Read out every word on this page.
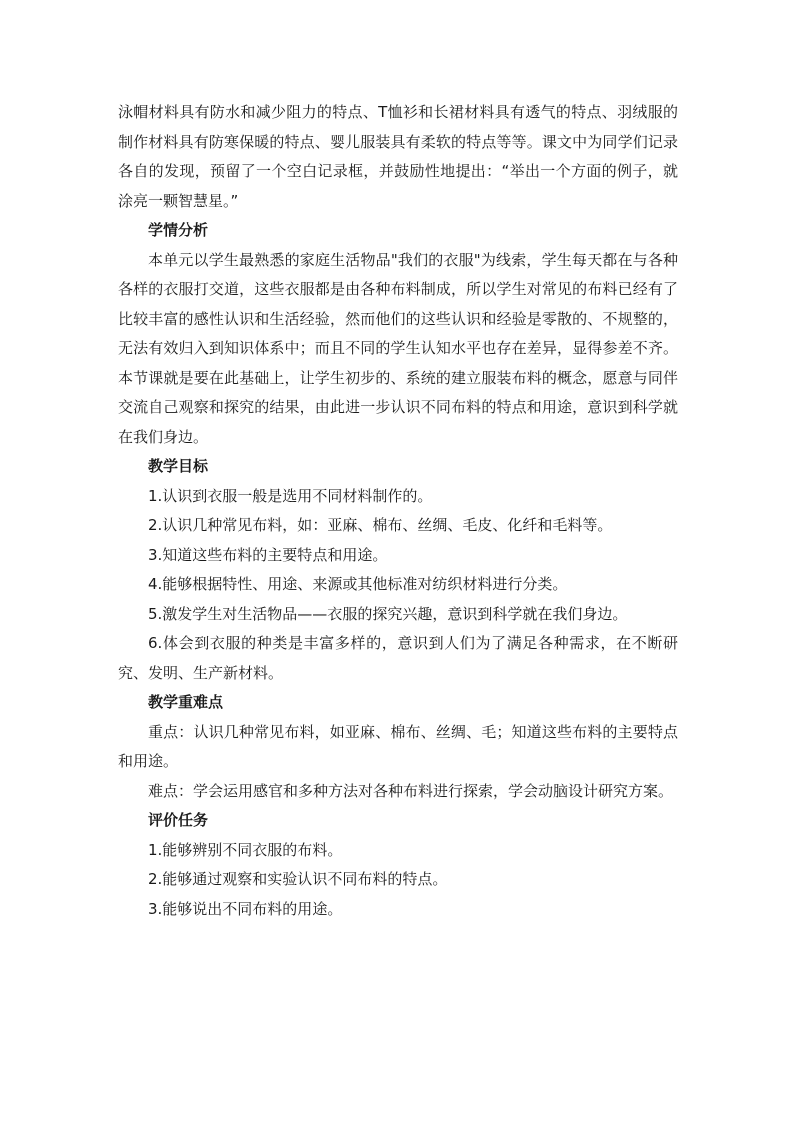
泳帽材料具有防水和减少阻力的特点、T恤衫和长裙材料具有透气的特点、羽绒服的制作材料具有防寒保暖的特点、婴儿服装具有柔软的特点等等。课文中为同学们记录各自的发现，预留了一个空白记录框，并鼓励性地提出：“举出一个方面的例子，就涂亮一颗智慧星。”

学情分析

本单元以学生最熟悉的家庭生活物品"我们的衣服"为线索，学生每天都在与各种各样的衣服打交道，这些衣服都是由各种布料制成，所以学生对常见的布料已经有了比较丰富的感性认识和生活经验，然而他们的这些认识和经验是零散的、不规整的，无法有效归入到知识体系中；而且不同的学生认知水平也存在差异，显得参差不齐。本节课就是要在此基础上，让学生初步的、系统的建立服装布料的概念，愿意与同伴交流自己观察和探究的结果，由此进一步认识不同布料的特点和用途，意识到科学就在我们身边。

教学目标

1.认识到衣服一般是选用不同材料制作的。

2.认识几种常见布料，如：亚麻、棉布、丝绸、毛皮、化纤和毛料等。

3.知道这些布料的主要特点和用途。

4.能够根据特性、用途、来源或其他标准对纺织材料进行分类。

5.激发学生对生活物品——衣服的探究兴趣，意识到科学就在我们身边。

6.体会到衣服的种类是丰富多样的，意识到人们为了满足各种需求，在不断研究、发明、生产新材料。

教学重难点

重点：认识几种常见布料，如亚麻、棉布、丝绸、毛；知道这些布料的主要特点和用途。

难点：学会运用感官和多种方法对各种布料进行探索，学会动脑设计研究方案。

评价任务

1.能够辨别不同衣服的布料。

2.能够通过观察和实验认识不同布料的特点。

3.能够说出不同布料的用途。
